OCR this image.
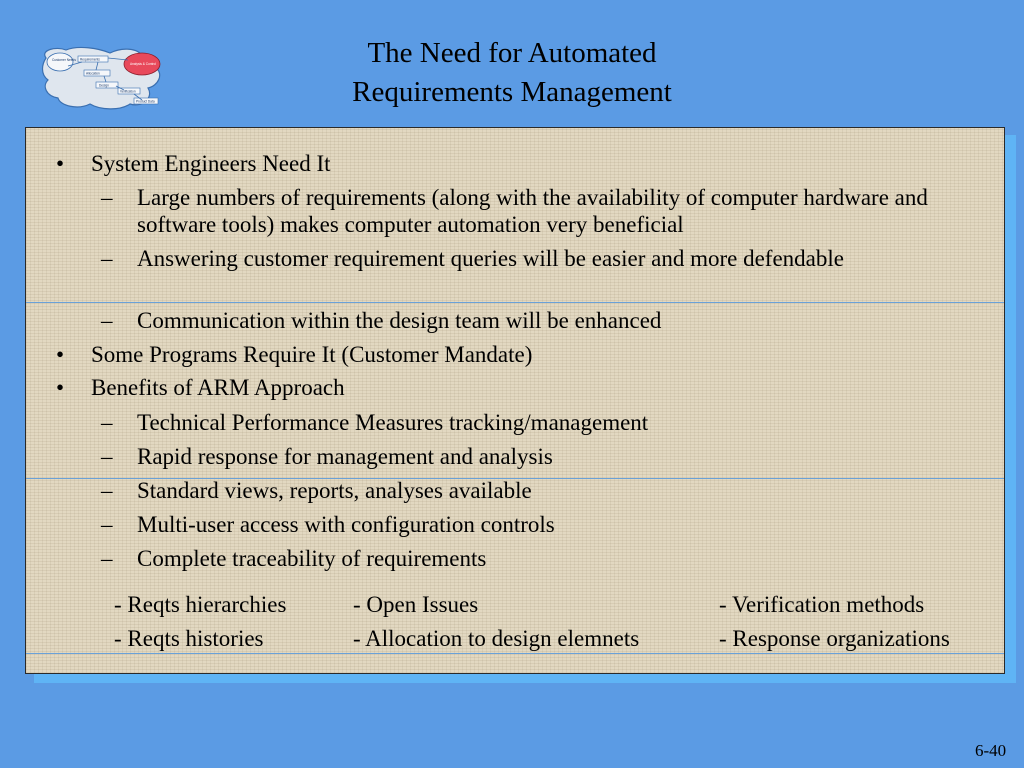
The Need for Automated
Requirements Management
Customer Needs Requirements Analysis & Control Allocation Design Verification Product Data
• System Engineers Need It
– Large numbers of requirements (along with the availability of computer hardware and software tools) makes computer automation very beneficial
– Answering customer requirement queries will be easier and more defendable
– Communication within the design team will be enhanced
• Some Programs Require It (Customer Mandate)
• Benefits of ARM Approach
– Technical Performance Measures tracking/management
– Rapid response for management and analysis
– Standard views, reports, analyses available
– Multi-user access with configuration controls
– Complete traceability of requirements
- Reqts hierarchies
- Reqts histories
- Open Issues
- Allocation to design elemnets
- Verification methods
- Response organizations
6-40
